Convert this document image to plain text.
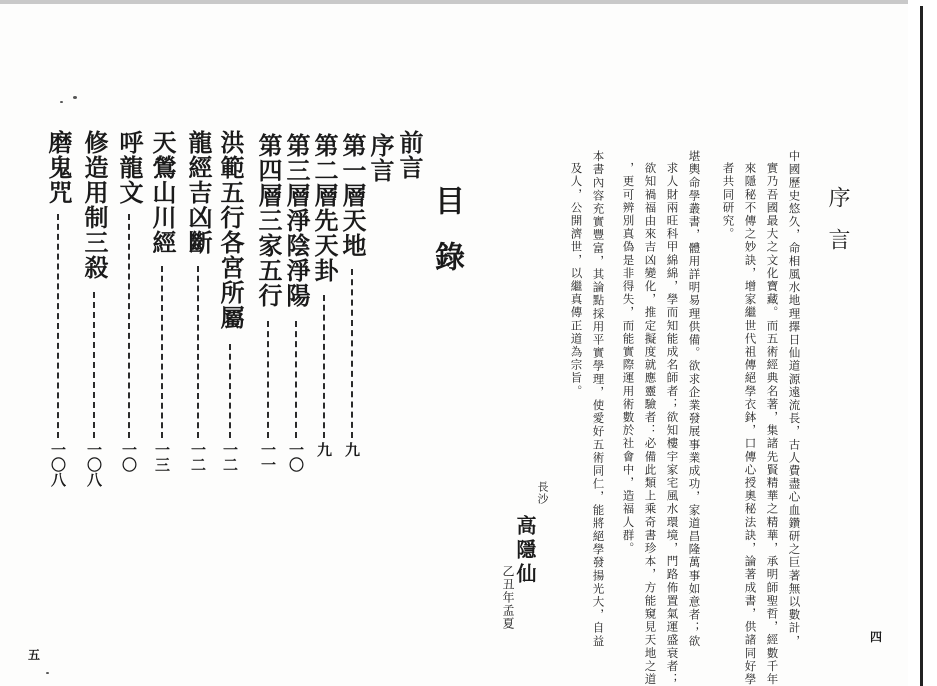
目錄
前言
序言
第一層天地
九
第二層先天卦
九
第三層淨陰淨陽
一〇
第四層三家五行
一一
洪範五行各宮所屬
一二
龍經吉凶斷
一二
天鶯山川經
一三
呼龍文
一〇
修造用制三殺
一〇八
磨鬼咒
一〇八
五
序言
中國歷史悠久，命相風水地理擇日仙道源遠流長，古人費盡心血鑽研之巨著無以數計，
實乃吾國最大之文化寶藏。而五術經典名著，集諸先賢精華之精華，承明師聖哲，經數千年
來隱秘不傳之妙訣，增家繼世代祖傳絕學衣鉢，口傳心授奧秘法訣，論著成書，供諸同好學
者共同研究。
堪輿命學叢書，體用詳明易理供備。欲求企業發展事業成功，家道昌隆萬事如意者；欲
求人財兩旺科甲綿綿，學而知能成名師者；欲知樓宇家宅風水環境，門路佈置氣運盛衰者；
欲知禍福由來吉凶變化，推定擬度就應靈驗者：必備此類上乘奇書珍本，方能窺見天地之道
，更可辨別真偽是非得失，而能實際運用術數於社會中，造福人群。
本書內容充實豐富，其論點採用平實學理，使愛好五術同仁，能將絕學發揚光大，自益
及人，公開濟世，以繼真傳正道為宗旨。
長沙
高隱仙
乙丑年孟夏
四
